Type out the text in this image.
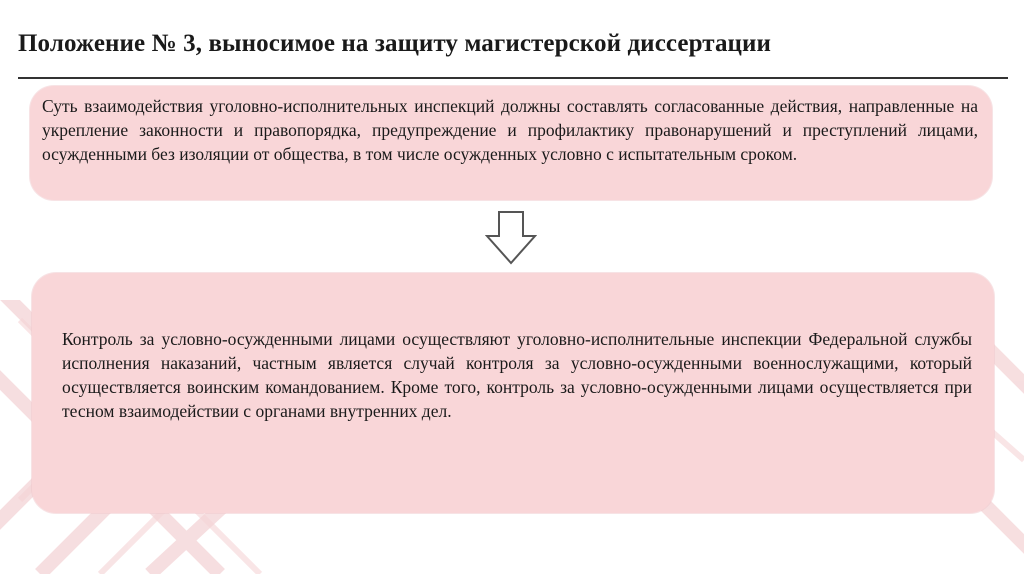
Положение № 3, выносимое на защиту магистерской диссертации
Суть взаимодействия уголовно-исполнительных инспекций должны составлять согласованные действия, направленные на укрепление законности и правопорядка, предупреждение и профилактику правонарушений и преступлений лицами, осужденными без изоляции от общества, в том числе осужденных условно с испытательным сроком.
Контроль за условно-осужденными лицами осуществляют уголовно-исполнительные инспекции Федеральной службы исполнения наказаний, частным является случай контроля за условно-осужденными военнослужащими, который осуществляется воинским командованием. Кроме того, контроль за условно-осужденными лицами осуществляется при тесном взаимодействии с органами внутренних дел.
